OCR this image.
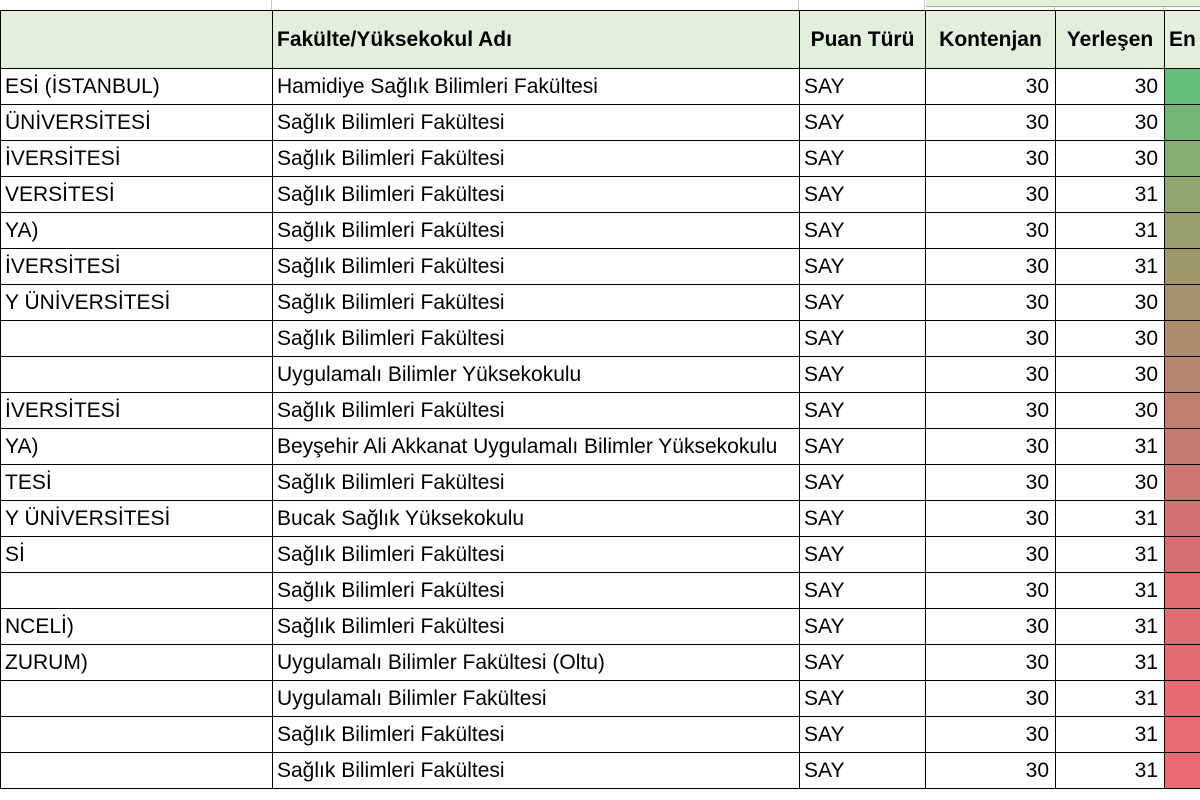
	Fakülte/Yüksekokul Adı	Puan Türü	Kontenjan	Yerleşen	En
ESİ (İSTANBUL)	Hamidiye Sağlık Bilimleri Fakültesi	SAY	30	30	

ÜNİVERSİTESİ	Sağlık Bilimleri Fakültesi	SAY	30	30	

İVERSİTESİ	Sağlık Bilimleri Fakültesi	SAY	30	30	

VERSİTESİ	Sağlık Bilimleri Fakültesi	SAY	30	31	

YA)	Sağlık Bilimleri Fakültesi	SAY	30	31	

İVERSİTESİ	Sağlık Bilimleri Fakültesi	SAY	30	31	

Y ÜNİVERSİTESİ	Sağlık Bilimleri Fakültesi	SAY	30	30	

	Sağlık Bilimleri Fakültesi	SAY	30	30	

	Uygulamalı Bilimler Yüksekokulu	SAY	30	30	

İVERSİTESİ	Sağlık Bilimleri Fakültesi	SAY	30	30	

YA)	Beyşehir Ali Akkanat Uygulamalı Bilimler Yüksekokulu	SAY	30	31	

TESİ	Sağlık Bilimleri Fakültesi	SAY	30	30	

Y ÜNİVERSİTESİ	Bucak Sağlık Yüksekokulu	SAY	30	31	

Sİ	Sağlık Bilimleri Fakültesi	SAY	30	31	

	Sağlık Bilimleri Fakültesi	SAY	30	31	

NCELİ)	Sağlık Bilimleri Fakültesi	SAY	30	31	

ZURUM)	Uygulamalı Bilimler Fakültesi (Oltu)	SAY	30	31	

	Uygulamalı Bilimler Fakültesi	SAY	30	31	

	Sağlık Bilimleri Fakültesi	SAY	30	31	

	Sağlık Bilimleri Fakültesi	SAY	30	31	
